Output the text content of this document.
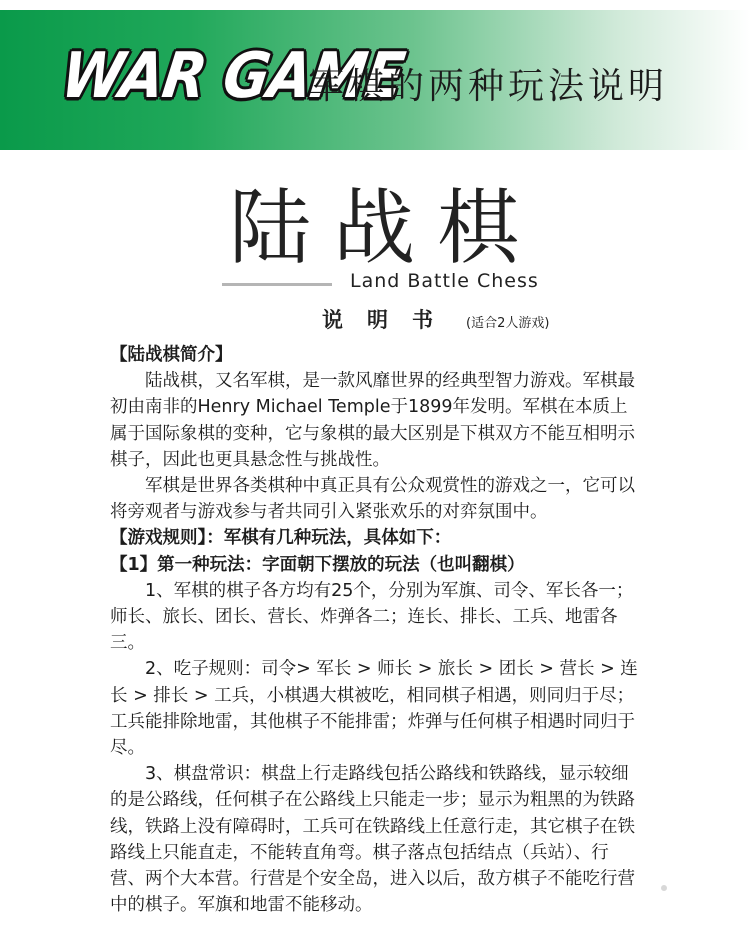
WAR GAME
军棋的两种玩法说明
陆战棋
Land Battle Chess
说明书 (适合2人游戏)

【陆战棋简介】

陆战棋，又名军棋，是一款风靡世界的经典型智力游戏。军棋最初由南非的Henry Michael Temple于1899年发明。军棋在本质上属于国际象棋的变种，它与象棋的最大区别是下棋双方不能互相明示棋子，因此也更具悬念性与挑战性。

军棋是世界各类棋种中真正具有公众观赏性的游戏之一，它可以将旁观者与游戏参与者共同引入紧张欢乐的对弈氛围中。

【游戏规则】：军棋有几种玩法，具体如下：

【1】第一种玩法：字面朝下摆放的玩法（也叫翻棋）

1、军棋的棋子各方均有25个，分别为军旗、司令、军长各一；师长、旅长、团长、营长、炸弹各二；连长、排长、工兵、地雷各三。

2、吃子规则：司令> 军长 > 师长 > 旅长 > 团长 > 营长 > 连长 > 排长 > 工兵，小棋遇大棋被吃，相同棋子相遇，则同归于尽；工兵能排除地雷，其他棋子不能排雷；炸弹与任何棋子相遇时同归于尽。

3、棋盘常识：棋盘上行走路线包括公路线和铁路线，显示较细的是公路线，任何棋子在公路线上只能走一步；显示为粗黑的为铁路线，铁路上没有障碍时，工兵可在铁路线上任意行走，其它棋子在铁路线上只能直走，不能转直角弯。棋子落点包括结点（兵站）、行营、两个大本营。行营是个安全岛，进入以后，敌方棋子不能吃行营中的棋子。军旗和地雷不能移动。
